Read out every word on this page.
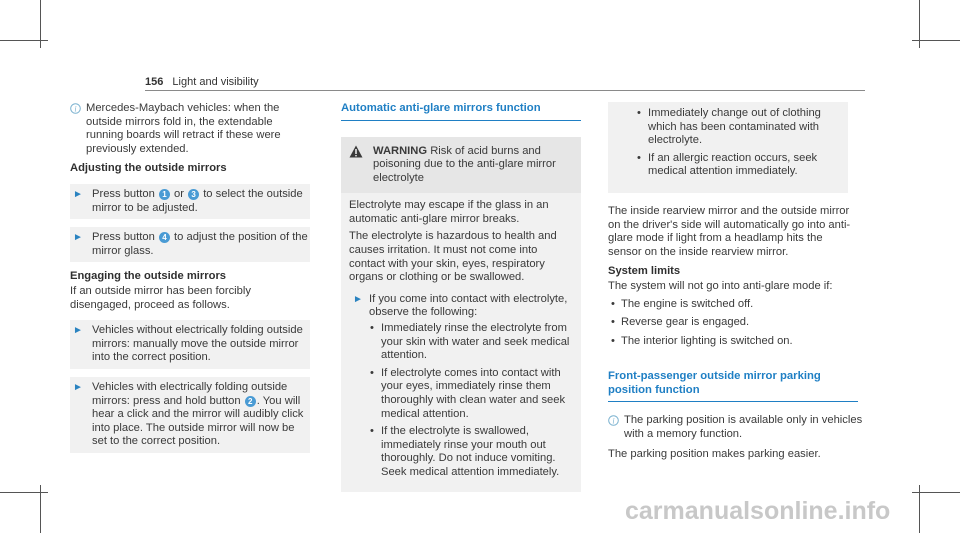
156 Light and visibility
i Mercedes-Maybach vehicles: when the outside mirrors fold in, the extendable running boards will retract if these were previously extended.
Adjusting the outside mirrors
► Press button 1 or 3 to select the outside mirror to be adjusted.
► Press button 4 to adjust the position of the mirror glass.
Engaging the outside mirrors
If an outside mirror has been forcibly disengaged, proceed as follows.
► Vehicles without electrically folding outside mirrors: manually move the outside mirror into the correct position.
► Vehicles with electrically folding outside mirrors: press and hold button 2 . You will hear a click and the mirror will audibly click into place. The outside mirror will now be set to the correct position.
Automatic anti-glare mirrors function
WARNING Risk of acid burns and poisoning due to the anti-glare mirror electrolyte

Electrolyte may escape if the glass in an automatic anti-glare mirror breaks.

The electrolyte is hazardous to health and causes irritation. It must not come into contact with your skin, eyes, respiratory organs or clothing or be swallowed.

► If you come into contact with electrolyte, observe the following:
• Immediately rinse the electrolyte from your skin with water and seek medical attention.
• If electrolyte comes into contact with your eyes, immediately rinse them thoroughly with clean water and seek medical attention.
• If the electrolyte is swallowed, immediately rinse your mouth out thoroughly. Do not induce vomiting. Seek medical attention immediately.
• Immediately change out of clothing which has been contaminated with electrolyte.
• If an allergic reaction occurs, seek medical attention immediately.

The inside rearview mirror and the outside mirror on the driver's side will automatically go into anti-glare mode if light from a headlamp hits the sensor on the inside rearview mirror.

System limits

The system will not go into anti-glare mode if:

• The engine is switched off.
• Reverse gear is engaged.
• The interior lighting is switched on.
Front-passenger outside mirror parking position function
i The parking position is available only in vehicles with a memory function.

The parking position makes parking easier.

carmanualsonline.info
